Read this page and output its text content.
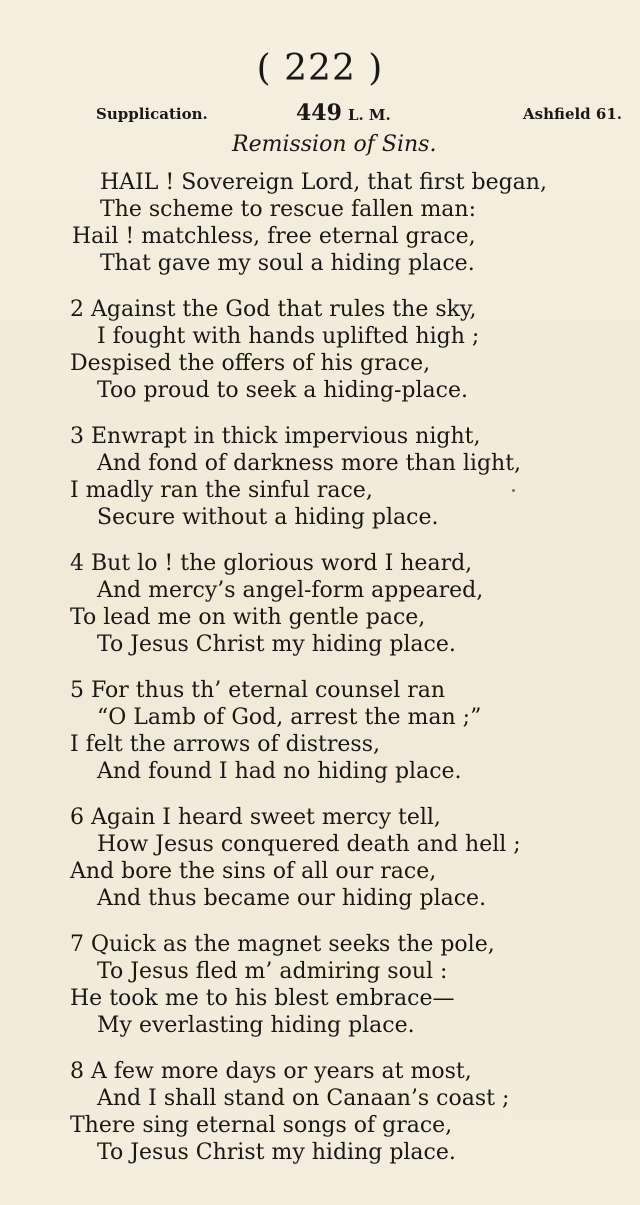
( 222 )
Supplication.	449 L. M.	Ashfield 61.
Remission of Sins.
HAIL ! Sovereign Lord, that first began,
The scheme to rescue fallen man:
Hail ! matchless, free eternal grace,
That gave my soul a hiding place.
2 Against the God that rules the sky,
I fought with hands uplifted high ;
Despised the offers of his grace,
Too proud to seek a hiding-place.
3 Enwrapt in thick impervious night,
And fond of darkness more than light,
I madly ran the sinful race,
Secure without a hiding place.
4 But lo ! the glorious word I heard,
And mercy’s angel-form appeared,
To lead me on with gentle pace,
To Jesus Christ my hiding place.
5 For thus th’ eternal counsel ran
“O Lamb of God, arrest the man ;”
I felt the arrows of distress,
And found I had no hiding place.
6 Again I heard sweet mercy tell,
How Jesus conquered death and hell ;
And bore the sins of all our race,
And thus became our hiding place.
7 Quick as the magnet seeks the pole,
To Jesus fled m’ admiring soul :
He took me to his blest embrace—
My everlasting hiding place.
8 A few more days or years at most,
And I shall stand on Canaan’s coast ;
There sing eternal songs of grace,
To Jesus Christ my hiding place.
